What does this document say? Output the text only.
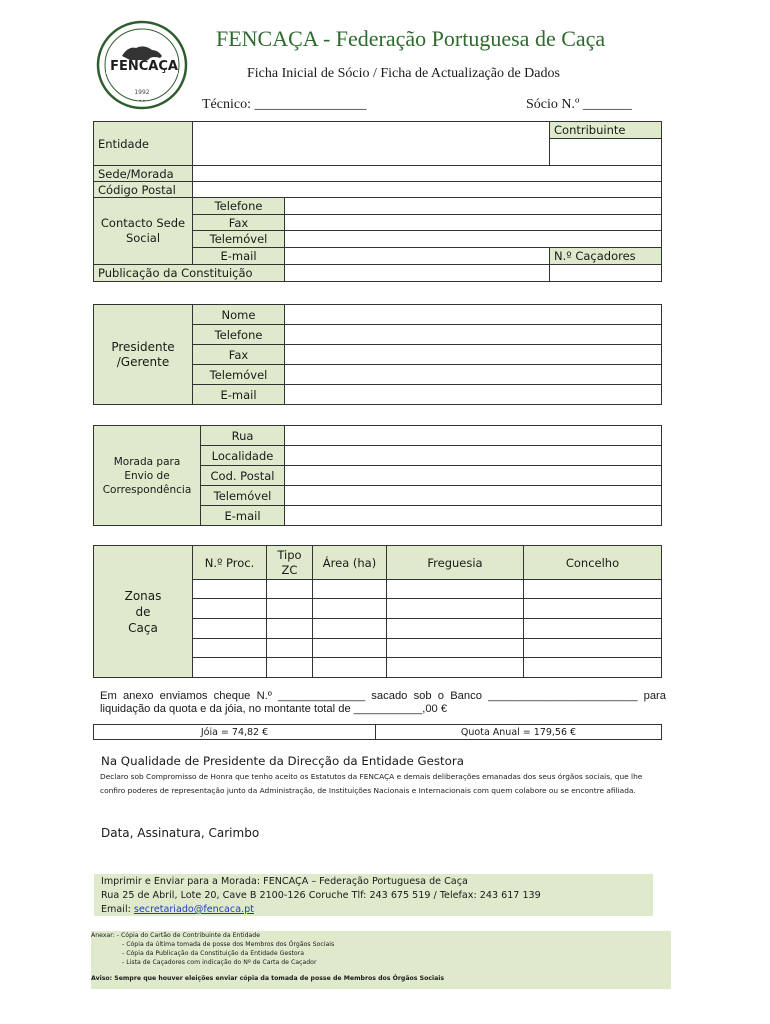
1992
• •
FENCAÇA
FENCAÇA - Federação Portuguesa de Caça
Ficha Inicial de Sócio / Ficha de Actualização de Dados
Técnico: ________________	Sócio N.º _______
Entidade			Contribuinte

Sede/Morada			
Código Postal			
Contacto Sede Social	Telefone		
	Fax		
	Telemóvel		
	E-mail		N.º Caçadores
Publicação da Constituição			
Presidente /Gerente	Nome	
	Telefone	
	Fax	
	Telemóvel	
	E-mail	
Morada para Envio de Correspondência	Rua	
	Localidade	
	Cod. Postal	
	Telemóvel	
	E-mail	
Zonas de Caça	N.º Proc.	Tipo ZC	Área (ha)	Freguesia	Concelho

Em anexo enviamos cheque N.º ______________ sacado sob o Banco ________________________ para liquidação da quota e da jóia, no montante total de ___________,00 €
Jóia = 74,82 €	Quota Anual = 179,56 €
Na Qualidade de Presidente da Direcção da Entidade Gestora
Declaro sob Compromisso de Honra que tenho aceito os Estatutos da FENCAÇA e demais deliberações emanadas dos seus órgãos sociais, que lhe confiro poderes de representação junto da Administração, de Instituições Nacionais e Internacionais com quem colabore ou se encontre afiliada.
Data, Assinatura, Carimbo
Imprimir e Enviar para a Morada: FENCAÇA – Federação Portuguesa de Caça
Rua 25 de Abril, Lote 20, Cave B 2100-126 Coruche Tlf: 243 675 519 / Telefax: 243 617 139
Email: secretariado@fencaca.pt
Anexar: - Cópia do Cartão de Contribuinte da Entidade
- Cópia da última tomada de posse dos Membros dos Órgãos Sociais
- Cópia da Publicação da Constituição da Entidade Gestora
- Lista de Caçadores com indicação do Nº de Carta de Caçador
Aviso: Sempre que houver eleições enviar cópia da tomada de posse de Membros dos Órgãos Sociais
